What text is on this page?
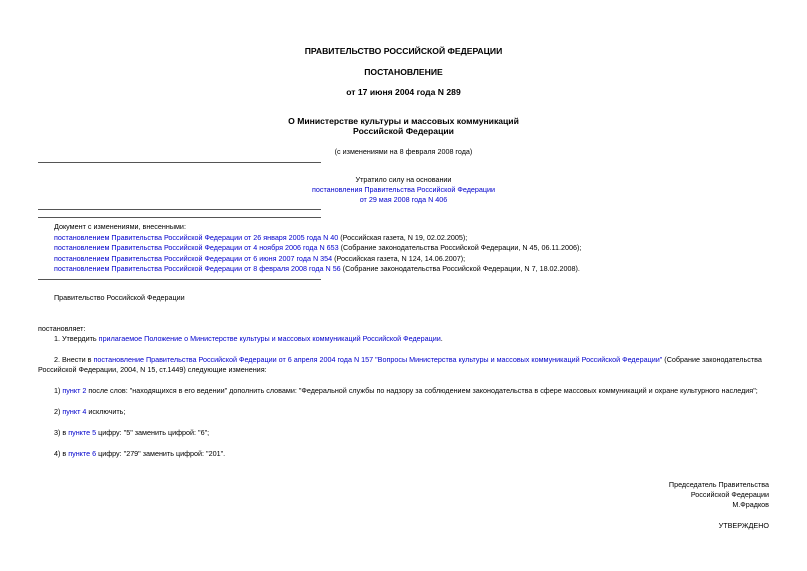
ПРАВИТЕЛЬСТВО РОССИЙСКОЙ ФЕДЕРАЦИИ
ПОСТАНОВЛЕНИЕ
от 17 июня 2004 года N 289
О Министерстве культуры и массовых коммуникаций
Российской Федерации
(с изменениями на 8 февраля 2008 года)
Утратило силу на основании
постановления Правительства Российской Федерации
от 29 мая 2008 года N 406
Документ с изменениями, внесенными:
постановлением Правительства Российской Федерации от 26 января 2005 года N 40 (Российская газета, N 19, 02.02.2005);
постановлением Правительства Российской Федерации от 4 ноября 2006 года N 653 (Собрание законодательства Российской Федерации, N 45, 06.11.2006);
постановлением Правительства Российской Федерации от 6 июня 2007 года N 354 (Российская газета, N 124, 14.06.2007);
постановлением Правительства Российской Федерации от 8 февраля 2008 года N 56 (Собрание законодательства Российской Федерации, N 7, 18.02.2008).
Правительство Российской Федерации
постановляет:
1. Утвердить прилагаемое Положение о Министерстве культуры и массовых коммуникаций Российской Федерации.
2. Внести в постановление Правительства Российской Федерации от 6 апреля 2004 года N 157 "Вопросы Министерства культуры и массовых коммуникаций Российской Федерации" (Собрание законодательства
Российской Федерации, 2004, N 15, ст.1449) следующие изменения:
1) пункт 2 после слов: "находящихся в его ведении" дополнить словами: "Федеральной службы по надзору за соблюдением законодательства в сфере массовых коммуникаций и охране культурного наследия";
2) пункт 4 исключить;
3) в пункте 5 цифру: "5" заменить цифрой: "6";
4) в пункте 6 цифру: "279" заменить цифрой: "201".
Председатель Правительства
Российской Федерации
М.Фрадков
УТВЕРЖДЕНО
